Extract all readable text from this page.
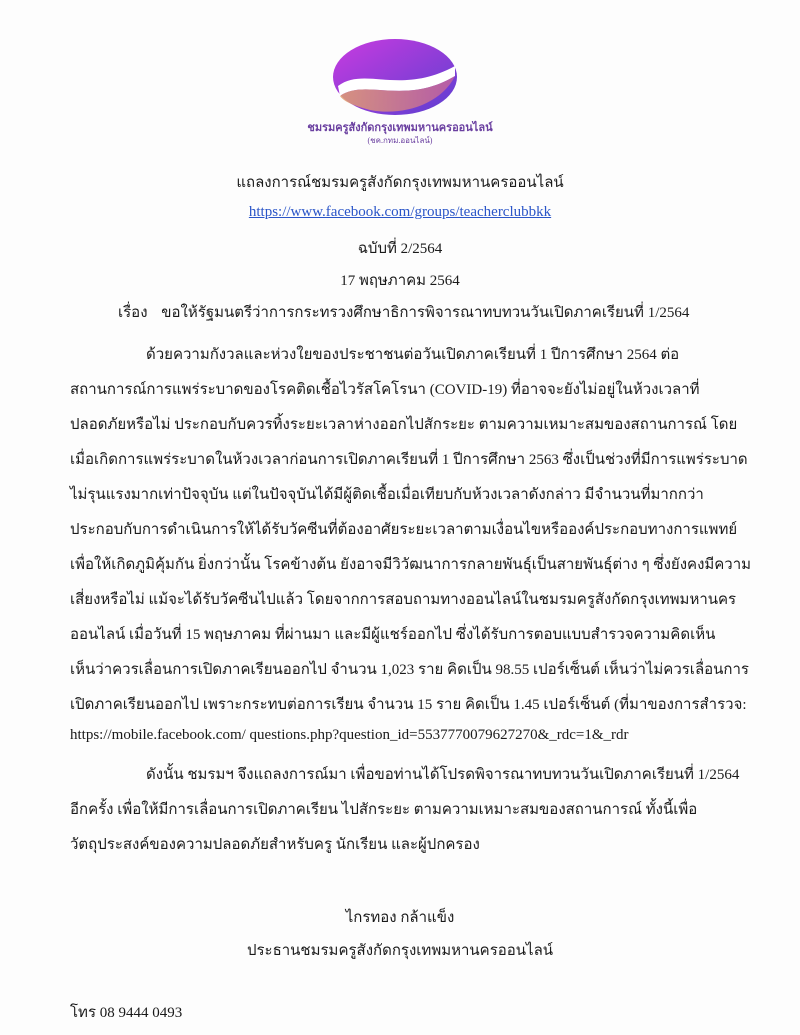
ชมรมครูสังกัดกรุงเทพมหานครออนไลน์
(ชค.กทม.ออนไลน์)
แถลงการณ์ชมรมครูสังกัดกรุงเทพมหานครออนไลน์
https://www.facebook.com/groups/teacherclubbkk
ฉบับที่ 2/2564
17 พฤษภาคม 2564
เรื่อง ขอให้รัฐมนตรีว่าการกระทรวงศึกษาธิการพิจารณาทบทวนวันเปิดภาคเรียนที่ 1/2564
ด้วยความกังวลและห่วงใยของประชาชนต่อวันเปิดภาคเรียนที่ 1 ปีการศึกษา 2564 ต่อ
สถานการณ์การแพร่ระบาดของโรคติดเชื้อไวรัสโคโรนา (COVID-19) ที่อาจจะยังไม่อยู่ในห้วงเวลาที่
ปลอดภัยหรือไม่ ประกอบกับควรทิ้งระยะเวลาห่างออกไปสักระยะ ตามความเหมาะสมของสถานการณ์ โดย
เมื่อเกิดการแพร่ระบาดในห้วงเวลาก่อนการเปิดภาคเรียนที่ 1 ปีการศึกษา 2563 ซึ่งเป็นช่วงที่มีการแพร่ระบาด
ไม่รุนแรงมากเท่าปัจจุบัน แต่ในปัจจุบันได้มีผู้ติดเชื้อเมื่อเทียบกับห้วงเวลาดังกล่าว มีจำนวนที่มากกว่า
ประกอบกับการดำเนินการให้ได้รับวัคซีนที่ต้องอาศัยระยะเวลาตามเงื่อนไขหรือองค์ประกอบทางการแพทย์
เพื่อให้เกิดภูมิคุ้มกัน ยิ่งกว่านั้น โรคข้างต้น ยังอาจมีวิวัฒนาการกลายพันธุ์เป็นสายพันธุ์ต่าง ๆ ซึ่งยังคงมีความ
เสี่ยงหรือไม่ แม้จะได้รับวัคซีนไปแล้ว โดยจากการสอบถามทางออนไลน์ในชมรมครูสังกัดกรุงเทพมหานคร
ออนไลน์ เมื่อวันที่ 15 พฤษภาคม ที่ผ่านมา และมีผู้แชร์ออกไป ซึ่งได้รับการตอบแบบสำรวจความคิดเห็น
เห็นว่าควรเลื่อนการเปิดภาคเรียนออกไป จำนวน 1,023 ราย คิดเป็น 98.55 เปอร์เซ็นต์ เห็นว่าไม่ควรเลื่อนการ
เปิดภาคเรียนออกไป เพราะกระทบต่อการเรียน จำนวน 15 ราย คิดเป็น 1.45 เปอร์เซ็นต์ (ที่มาของการสำรวจ:
https://mobile.facebook.com/ questions.php?question_id=5537770079627270&_rdc=1&_rdr
ดังนั้น ชมรมฯ จึงแถลงการณ์มา เพื่อขอท่านได้โปรดพิจารณาทบทวนวันเปิดภาคเรียนที่ 1/2564
อีกครั้ง เพื่อให้มีการเลื่อนการเปิดภาคเรียน ไปสักระยะ ตามความเหมาะสมของสถานการณ์ ทั้งนี้เพื่อ
วัตถุประสงค์ของความปลอดภัยสำหรับครู นักเรียน และผู้ปกครอง
ไกรทอง กล้าแข็ง
ประธานชมรมครูสังกัดกรุงเทพมหานครออนไลน์
โทร 08 9444 0493
